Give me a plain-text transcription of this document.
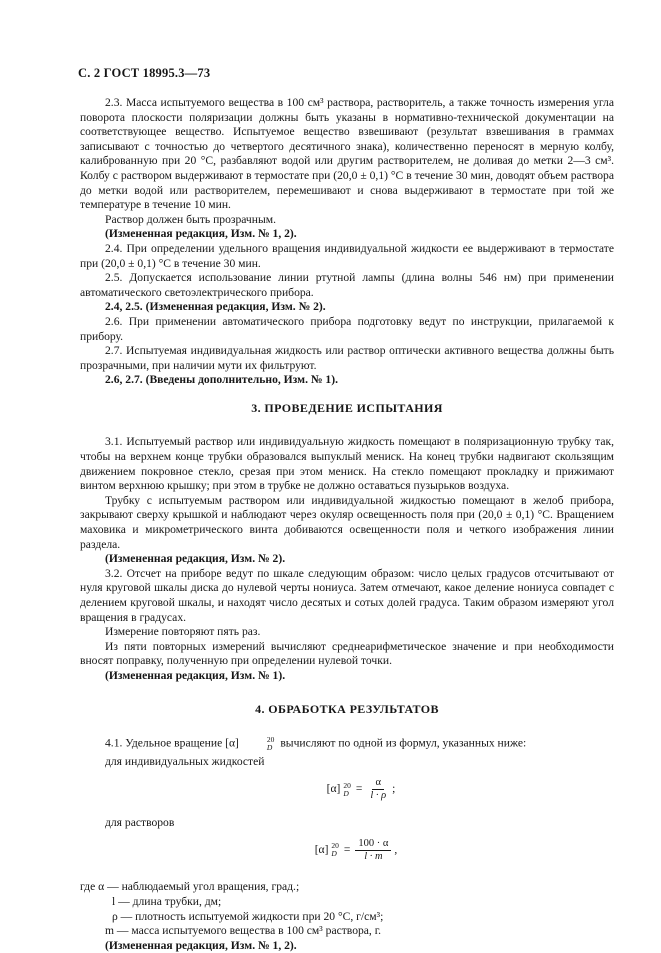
С. 2 ГОСТ 18995.3—73

2.3. Масса испытуемого вещества в 100 см³ раствора, растворитель, а также точность измерения угла поворота плоскости поляризации должны быть указаны в нормативно-технической документации на соответствующее вещество. Испытуемое вещество взвешивают (результат взвешивания в граммах записывают с точностью до четвертого десятичного знака), количественно переносят в мерную колбу, калиброванную при 20 °С, разбавляют водой или другим растворителем, не доливая до метки 2—3 см³. Колбу с раствором выдерживают в термостате при (20,0 ± 0,1) °С в течение 30 мин, доводят объем раствора до метки водой или растворителем, перемешивают и снова выдерживают в термостате при той же температуре в течение 10 мин.

Раствор должен быть прозрачным.

(Измененная редакция, Изм. № 1, 2).

2.4. При определении удельного вращения индивидуальной жидкости ее выдерживают в термостате при (20,0 ± 0,1) °С в течение 30 мин.

2.5. Допускается использование линии ртутной лампы (длина волны 546 нм) при применении автоматического светоэлектрического прибора.

2.4, 2.5. (Измененная редакция, Изм. № 2).

2.6. При применении автоматического прибора подготовку ведут по инструкции, прилагаемой к прибору.

2.7. Испытуемая индивидуальная жидкость или раствор оптически активного вещества должны быть прозрачными, при наличии мути их фильтруют.

2.6, 2.7. (Введены дополнительно, Изм. № 1).

3. ПРОВЕДЕНИЕ ИСПЫТАНИЯ

3.1. Испытуемый раствор или индивидуальную жидкость помещают в поляризационную трубку так, чтобы на верхнем конце трубки образовался выпуклый мениск. На конец трубки надвигают скользящим движением покровное стекло, срезая при этом мениск. На стекло помещают прокладку и прижимают винтом верхнюю крышку; при этом в трубке не должно оставаться пузырьков воздуха.

Трубку с испытуемым раствором или индивидуальной жидкостью помещают в желоб прибора, закрывают сверху крышкой и наблюдают через окуляр освещенность поля при (20,0 ± 0,1) °С. Вращением маховика и микрометрического винта добиваются освещенности поля и четкого изображения линии раздела.

(Измененная редакция, Изм. № 2).

3.2. Отсчет на приборе ведут по шкале следующим образом: число целых градусов отсчитывают от нуля круговой шкалы диска до нулевой черты нониуса. Затем отмечают, какое деление нониуса совпадет с делением круговой шкалы, и находят число десятых и сотых долей градуса. Таким образом измеряют угол вращения в градусах.

Измерение повторяют пять раз.

Из пяти повторных измерений вычисляют среднеарифметическое значение и при необходимости вносят поправку, полученную при определении нулевой точки.

(Измененная редакция, Изм. № 1).

4. ОБРАБОТКА РЕЗУЛЬТАТОВ

4.1. Удельное вращение [α]	20
D вычисляют по одной из формул, указанных ниже:

для индивидуальных жидкостей

[α] 20
$D = \frac{\alpha}{l \cdot \rho}$ ;

для растворов

[α] 20
$D = \frac{100 \cdot \alpha}{l \cdot m}$ ,

где α — наблюдаемый угол вращения, град.;

l — длина трубки, дм;

ρ — плотность испытуемой жидкости при 20 °С, г/см³;

m — масса испытуемого вещества в 100 см³ раствора, г.

(Измененная редакция, Изм. № 1, 2).
